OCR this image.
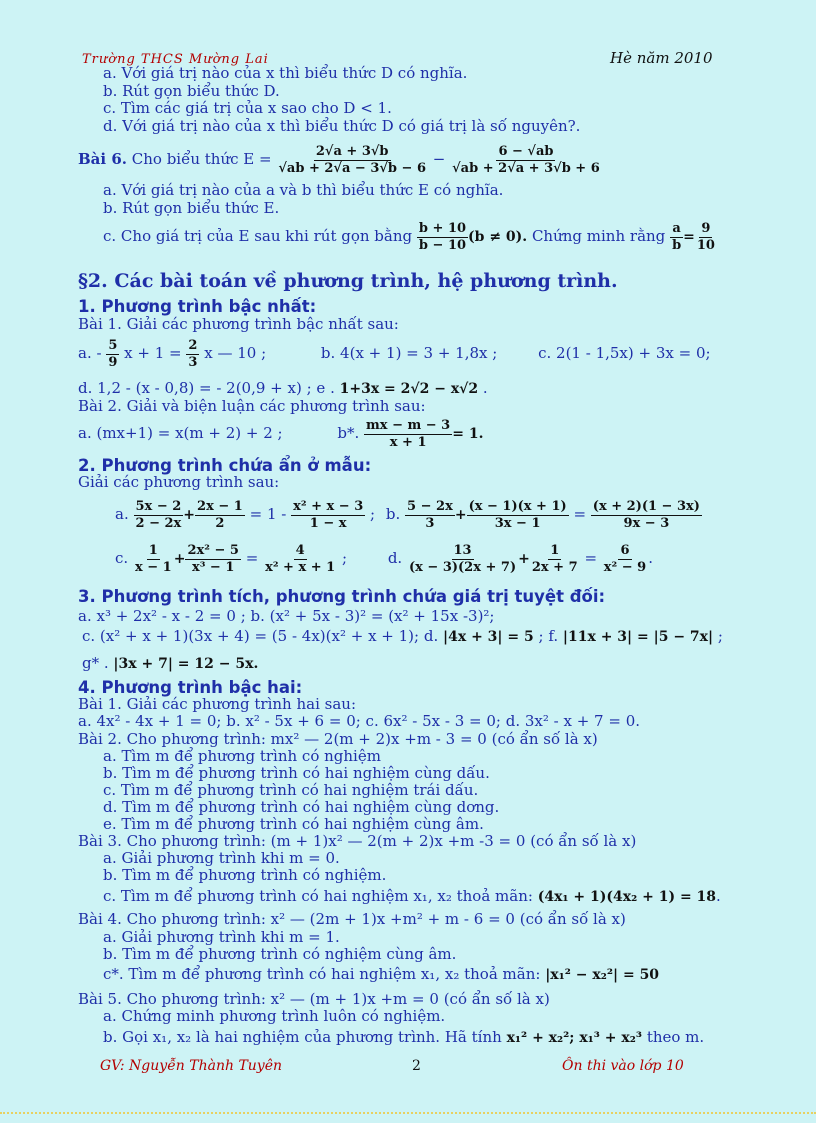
Trường THCS Mường Lai	Hè năm 2010
a. Với giá trị nào của x thì biểu thức D có nghĩa.
b. Rút gọn biểu thức D.
c. Tìm các giá trị của x sao cho D < 1.
d. Với giá trị nào của x thì biểu thức D có giá trị là số nguyên?.
Bài 6. Cho biểu thức $E = \frac{2√a + 3√b}{√ab + 2√a - 3√b - 6} - \frac{6 - √ab}{√ab + 2√a + 3√b + 6}$
a. Với giá trị nào của a và b thì biểu thức E có nghĩa.
b. Rút gọn biểu thức E.
c. Cho giá trị của E sau khi rút gọn bằng $\frac{b + 10}{b - 10} (b \ne 0)$. Chứng minh rằng $\frac{a}{b} = \frac{9}{10}$
§2. Các bài toán về phương trình, hệ phương trình.
1. Phương trình bậc nhất:
Bài 1. Giải các phương trình bậc nhất sau:
a. - $\frac{5}{9}$ $x + 1 = \frac{2}{3}$ x — 10 ;	b. 4(x + 1) = 3 + 1,8x ;	c. 2(1 - 1,5x) + 3x = 0;
d. 1,2 - (x - 0,8) = - 2(0,9 + x) ; e . 1+3x = 2√2 − x√2 .
Bài 2. Giải và biện luận các phương trình sau:
a. (mx+1) = x(m + 2) + 2 ;	b*. $\frac{mx - m - 3}{x + 1} = 1$.
2. Phương trình chứa ẩn ở mẫu:
Giải các phương trình sau:
a. $\frac{5x - 2}{2 - 2x} + \frac{2x - 1}{2} = 1 - \frac{\text{x² + x − 3}}{1 - x}$ ; b. $\frac{5 - 2x}{3} + \frac{(x - 1)(x + 1)}{3x - 1} = \frac{(x + 2)(1 - 3x)}{9x - 3}$
c. $\frac{1}{x - 1} + \frac{\text{2x² − 5}}{\text{x³ − 1}} = \frac{4}{\text{x² + x + 1}}$ ;	d. $\frac{13}{(x - 3)(2x + 7)} + \frac{1}{2x + 7} = \frac{6}{\text{x² − 9}}$ .
3. Phương trình tích, phương trình chứa giá trị tuyệt đối:
a. x³ + 2x² - x - 2 = 0 ; b. (x² + 5x - 3)² = (x² + 15x -3)²;
c. (x² + x + 1)(3x + 4) = (5 - 4x)(x² + x + 1); d. |4x + 3| = 5 ; f. |11x + 3| = |5 − 7x| ;
g* . |3x + 7| = 12 − 5x.
4. Phương trình bậc hai:
Bài 1. Giải các phương trình hai sau:
a. 4x² - 4x + 1 = 0; b. x² - 5x + 6 = 0; c. 6x² - 5x - 3 = 0; d. 3x² - x + 7 = 0.
Bài 2. Cho phương trình: mx² — 2(m + 2)x +m - 3 = 0 (có ẩn số là x)
a. Tìm m để phương trình có nghiệm
b. Tìm m để phương trình có hai nghiệm cùng dấu.
c. Tìm m để phương trình có hai nghiệm trái dấu.
d. Tìm m để phương trình có hai nghiệm cùng dơng.
e. Tìm m để phương trình có hai nghiệm cùng âm.
Bài 3. Cho phương trình: (m + 1)x² — 2(m + 2)x +m -3 = 0 (có ẩn số là x)
a. Giải phương trình khi m = 0.
b. Tìm m để phương trình có nghiệm.
c. Tìm m để phương trình có hai nghiệm x₁, x₂ thoả mãn: (4x₁ + 1)(4x₂ + 1) = 18.
Bài 4. Cho phương trình: x² — (2m + 1)x +m² + m - 6 = 0 (có ẩn số là x)
a. Giải phương trình khi m = 1.
b. Tìm m để phương trình có nghiệm cùng âm.
c*. Tìm m để phương trình có hai nghiệm x₁, x₂ thoả mãn: |x₁² − x₂²| = 50
Bài 5. Cho phương trình: x² — (m + 1)x +m = 0 (có ẩn số là x)
a. Chứng minh phương trình luôn có nghiệm.
b. Gọi x₁, x₂ là hai nghiệm của phương trình. Hã tính x₁² + x₂²; x₁³ + x₂³ theo m.
GV: Nguyễn Thành Tuyên	2	Ôn thi vào lớp 10
